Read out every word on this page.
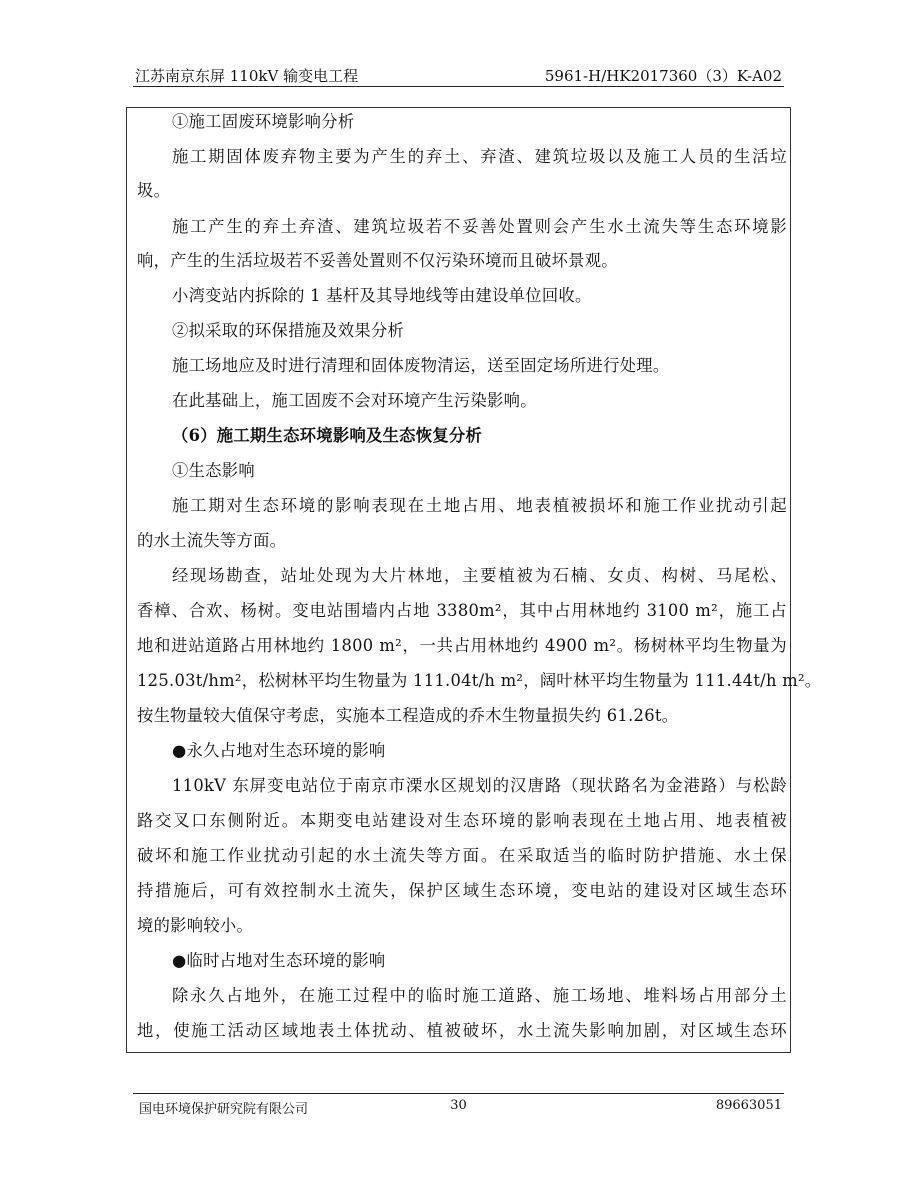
江苏南京东屏 110kV 输变电工程	5961-H/HK2017360（3）K-A02
①施工固废环境影响分析
施工期固体废弃物主要为产生的弃土、弃渣、建筑垃圾以及施工人员的生活垃
圾。
施工产生的弃土弃渣、建筑垃圾若不妥善处置则会产生水土流失等生态环境影
响，产生的生活垃圾若不妥善处置则不仅污染环境而且破坏景观。
小湾变站内拆除的 1 基杆及其导地线等由建设单位回收。
②拟采取的环保措施及效果分析
施工场地应及时进行清理和固体废物清运，送至固定场所进行处理。
在此基础上，施工固废不会对环境产生污染影响。
（6）施工期生态环境影响及生态恢复分析
①生态影响
施工期对生态环境的影响表现在土地占用、地表植被损坏和施工作业扰动引起
的水土流失等方面。
经现场勘查，站址处现为大片林地，主要植被为石楠、女贞、构树、马尾松、
香樟、合欢、杨树。变电站围墙内占地 3380m²，其中占用林地约 3100 m²，施工占
地和进站道路占用林地约 1800 m²，一共占用林地约 4900 m²。杨树林平均生物量为
125.03t/hm²，松树林平均生物量为 111.04t/h m²，阔叶林平均生物量为 111.44t/h m²。
按生物量较大值保守考虑，实施本工程造成的乔木生物量损失约 61.26t。
●永久占地对生态环境的影响
110kV 东屏变电站位于南京市溧水区规划的汉唐路（现状路名为金港路）与松龄
路交叉口东侧附近。本期变电站建设对生态环境的影响表现在土地占用、地表植被
破坏和施工作业扰动引起的水土流失等方面。在采取适当的临时防护措施、水土保
持措施后，可有效控制水土流失，保护区域生态环境，变电站的建设对区域生态环
境的影响较小。
●临时占地对生态环境的影响
除永久占地外，在施工过程中的临时施工道路、施工场地、堆料场占用部分土
地，使施工活动区域地表土体扰动、植被破坏，水土流失影响加剧，对区域生态环
国电环境保护研究院有限公司	30	89663051
